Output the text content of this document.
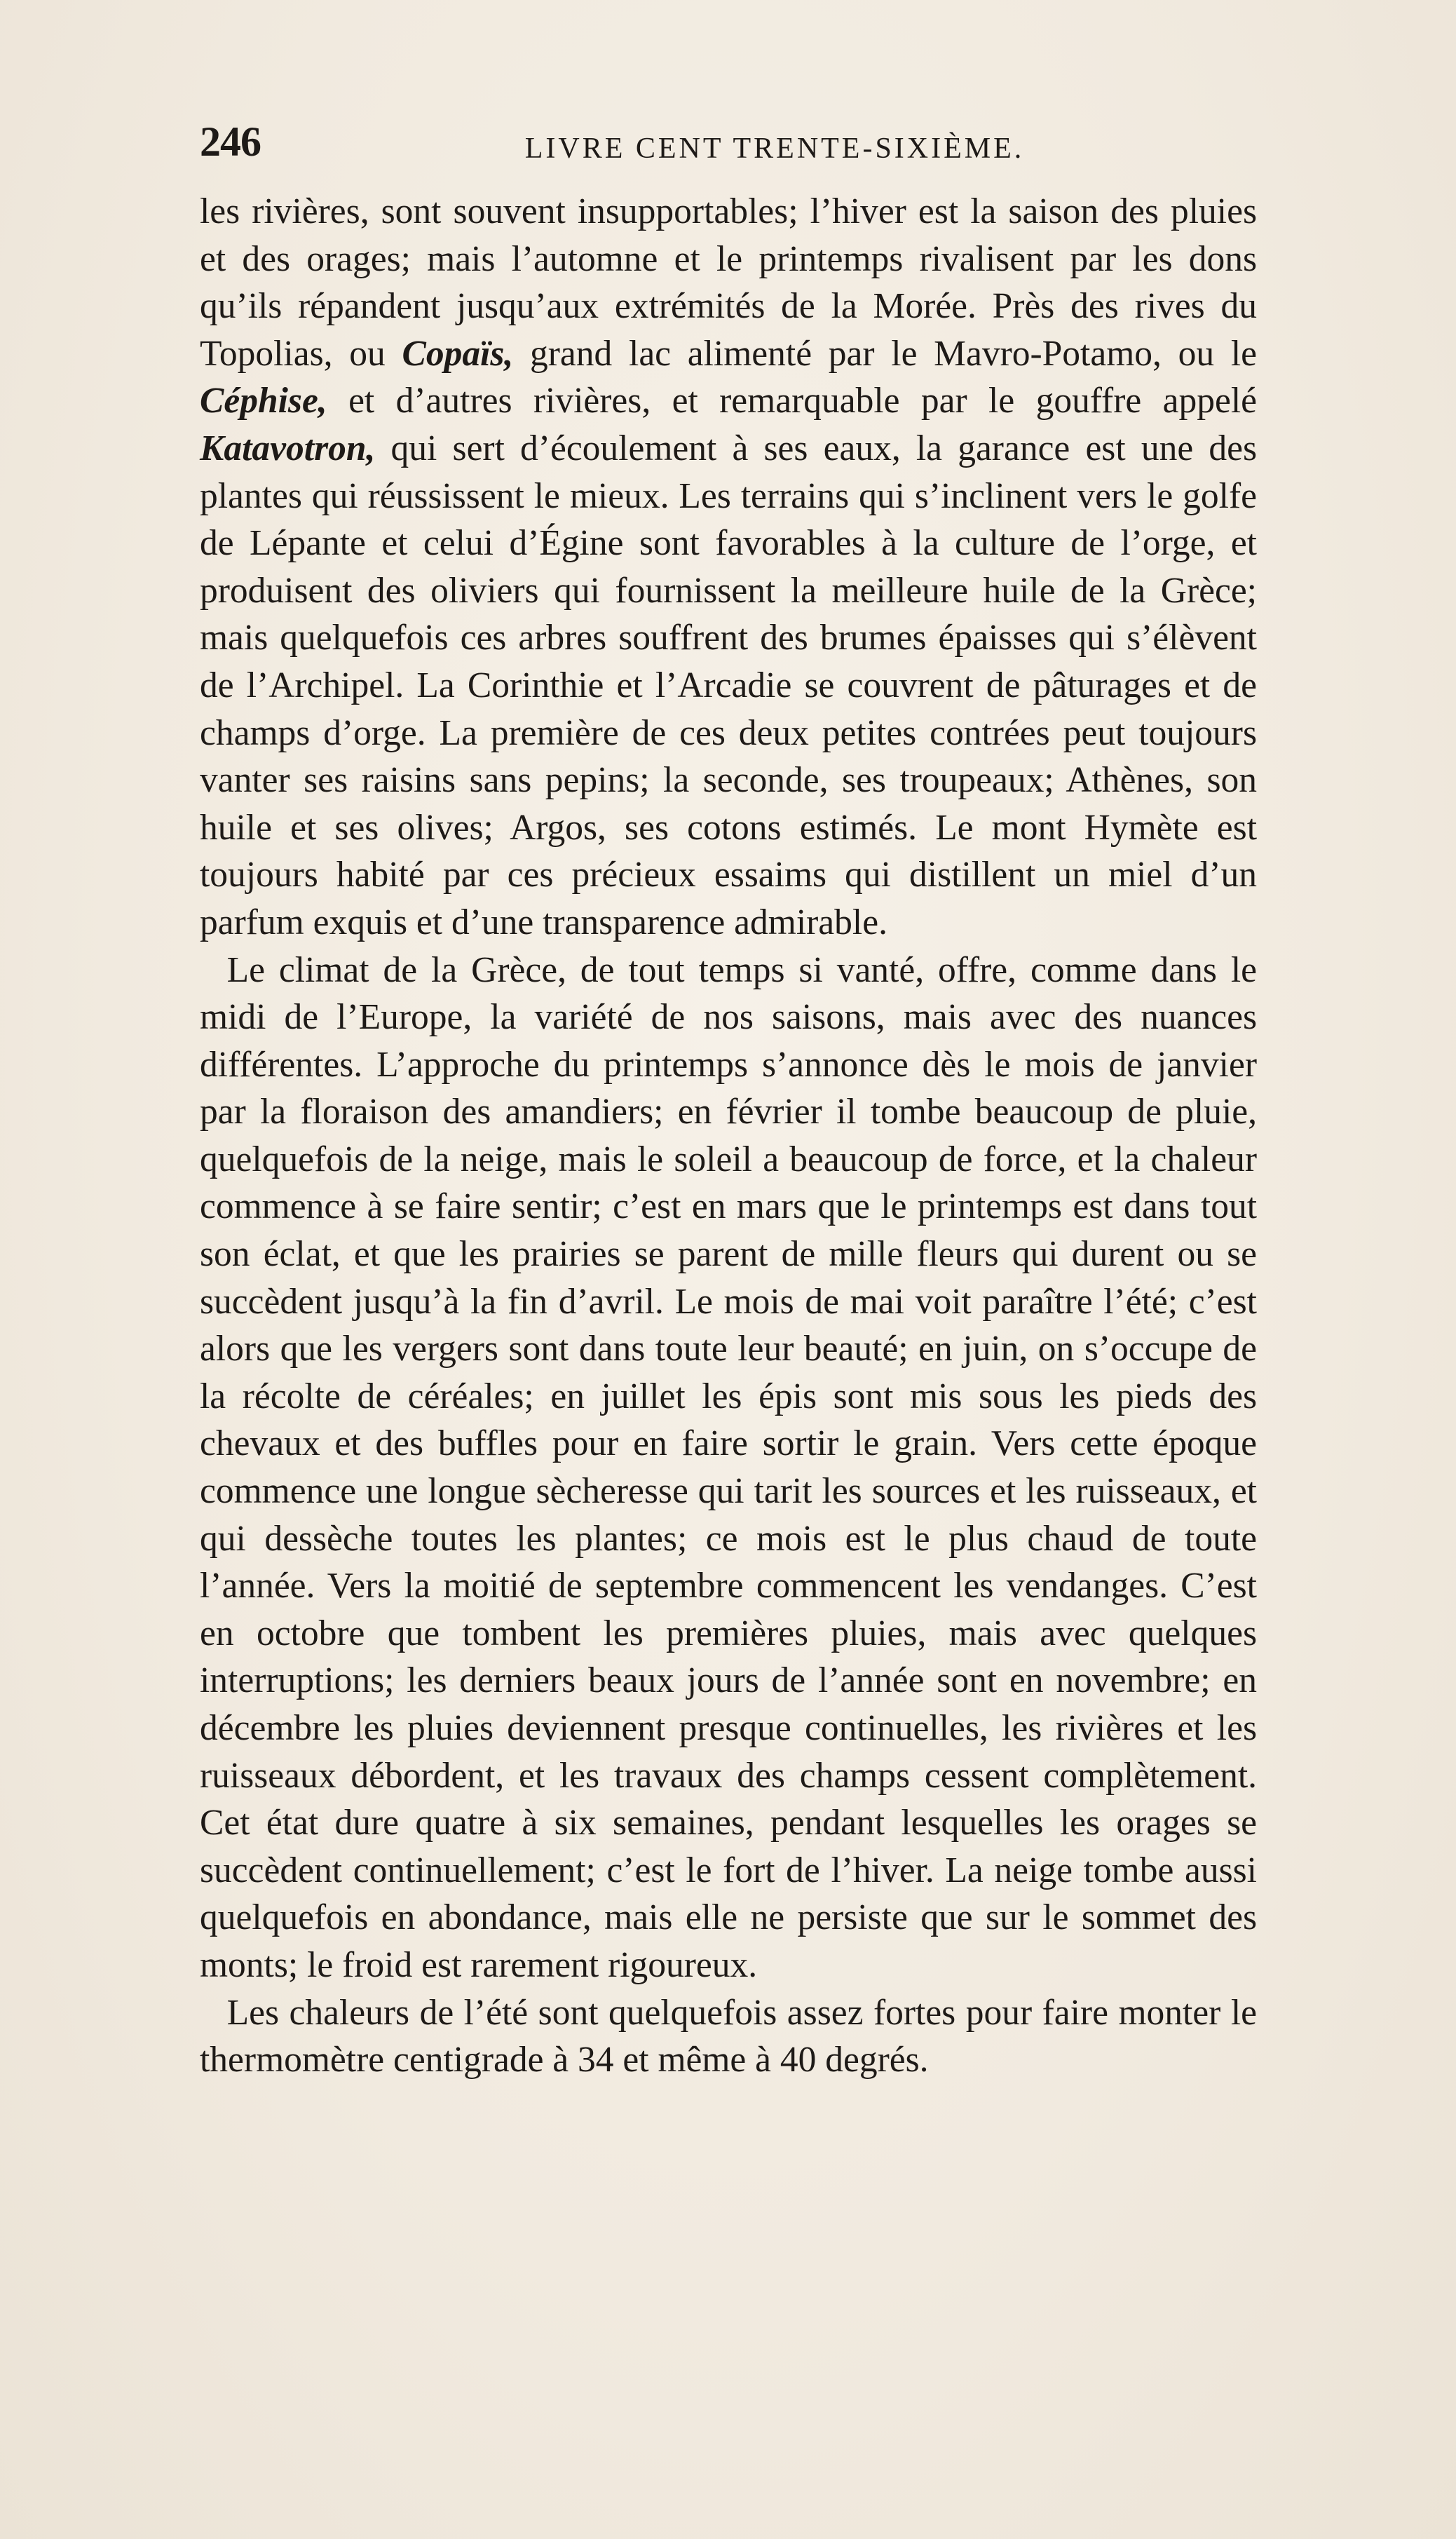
246	LIVRE CENT TRENTE-SIXIÈME.

les rivières, sont souvent insupportables; l’hiver est la saison des pluies et des orages; mais l’automne et le printemps rivalisent par les dons qu’ils répandent jusqu’aux extrémités de la Morée. Près des rives du Topolias, ou Copaïs, grand lac alimenté par le Mavro-Potamo, ou le Céphise, et d’autres rivières, et remarquable par le gouffre appelé Katavotron, qui sert d’écoulement à ses eaux, la garance est une des plantes qui réussissent le mieux. Les terrains qui s’inclinent vers le golfe de Lépante et celui d’Égine sont favorables à la culture de l’orge, et produisent des oliviers qui fournissent la meilleure huile de la Grèce; mais quelquefois ces arbres souffrent des brumes épaisses qui s’élèvent de l’Archipel. La Corinthie et l’Arcadie se couvrent de pâturages et de champs d’orge. La première de ces deux petites contrées peut toujours vanter ses raisins sans pepins; la seconde, ses troupeaux; Athènes, son huile et ses olives; Argos, ses cotons estimés. Le mont Hymète est toujours habité par ces précieux essaims qui distillent un miel d’un parfum exquis et d’une transparence admirable.

Le climat de la Grèce, de tout temps si vanté, offre, comme dans le midi de l’Europe, la variété de nos saisons, mais avec des nuances différentes. L’approche du printemps s’annonce dès le mois de janvier par la floraison des amandiers; en février il tombe beaucoup de pluie, quelquefois de la neige, mais le soleil a beaucoup de force, et la chaleur commence à se faire sentir; c’est en mars que le printemps est dans tout son éclat, et que les prairies se parent de mille fleurs qui durent ou se succèdent jusqu’à la fin d’avril. Le mois de mai voit paraître l’été; c’est alors que les vergers sont dans toute leur beauté; en juin, on s’occupe de la récolte de céréales; en juillet les épis sont mis sous les pieds des chevaux et des buffles pour en faire sortir le grain. Vers cette époque commence une longue sècheresse qui tarit les sources et les ruisseaux, et qui dessèche toutes les plantes; ce mois est le plus chaud de toute l’année. Vers la moitié de septembre commencent les vendanges. C’est en octobre que tombent les premières pluies, mais avec quelques interruptions; les derniers beaux jours de l’année sont en novembre; en décembre les pluies deviennent presque continuelles, les rivières et les ruisseaux débordent, et les travaux des champs cessent complètement. Cet état dure quatre à six semaines, pendant lesquelles les orages se succèdent continuellement; c’est le fort de l’hiver. La neige tombe aussi quelquefois en abondance, mais elle ne persiste que sur le sommet des monts; le froid est rarement rigoureux.

Les chaleurs de l’été sont quelquefois assez fortes pour faire monter le thermomètre centigrade à 34 et même à 40 degrés.
